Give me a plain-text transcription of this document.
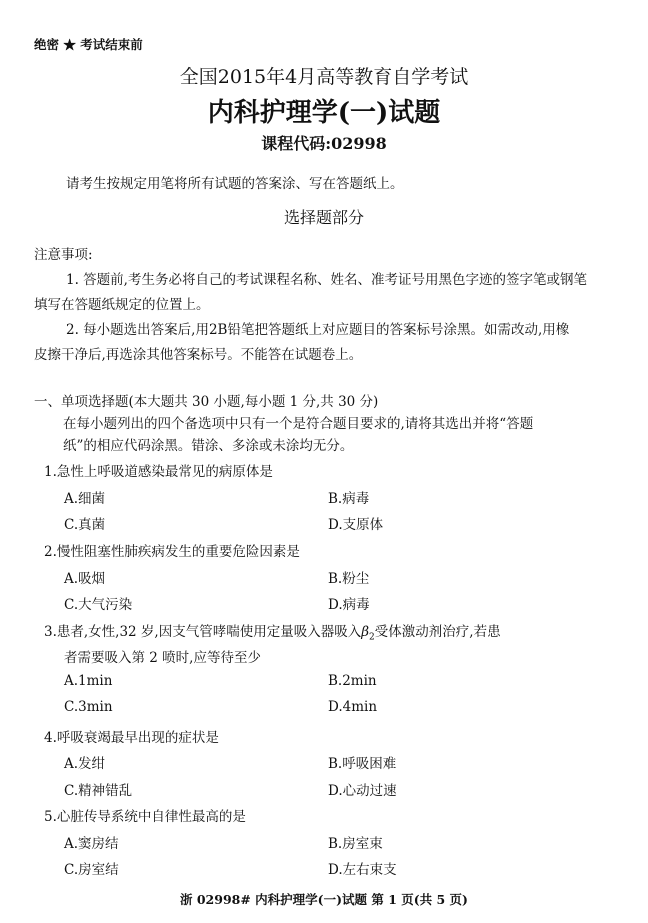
绝密 ★ 考试结束前
全国2015年4月高等教育自学考试
内科护理学(一)试题
课程代码:02998
请考生按规定用笔将所有试题的答案涂、写在答题纸上。
选择题部分
注意事项:
1. 答题前,考生务必将自己的考试课程名称、姓名、准考证号用黑色字迹的签字笔或钢笔
填写在答题纸规定的位置上。
2. 每小题选出答案后,用2B铅笔把答题纸上对应题目的答案标号涂黑。如需改动,用橡
皮擦干净后,再选涂其他答案标号。不能答在试题卷上。
一、单项选择题(本大题共 30 小题,每小题 1 分,共 30 分)
在每小题列出的四个备选项中只有一个是符合题目要求的,请将其选出并将“答题
纸”的相应代码涂黑。错涂、多涂或未涂均无分。
1.急性上呼吸道感染最常见的病原体是
A.细菌	B.病毒
C.真菌	D.支原体
2.慢性阻塞性肺疾病发生的重要危险因素是
A.吸烟	B.粉尘
C.大气污染	D.病毒
3.患者,女性,32 岁,因支气管哮喘使用定量吸入器吸入$\beta_2$受体激动剂治疗,若患
者需要吸入第 2 喷时,应等待至少
A.1min	B.2min
C.3min	D.4min
4.呼吸衰竭最早出现的症状是
A.发绀	B.呼吸困难
C.精神错乱	D.心动过速
5.心脏传导系统中自律性最高的是
A.窦房结	B.房室束
C.房室结	D.左右束支
浙 02998# 内科护理学(一)试题 第 1 页(共 5 页)
